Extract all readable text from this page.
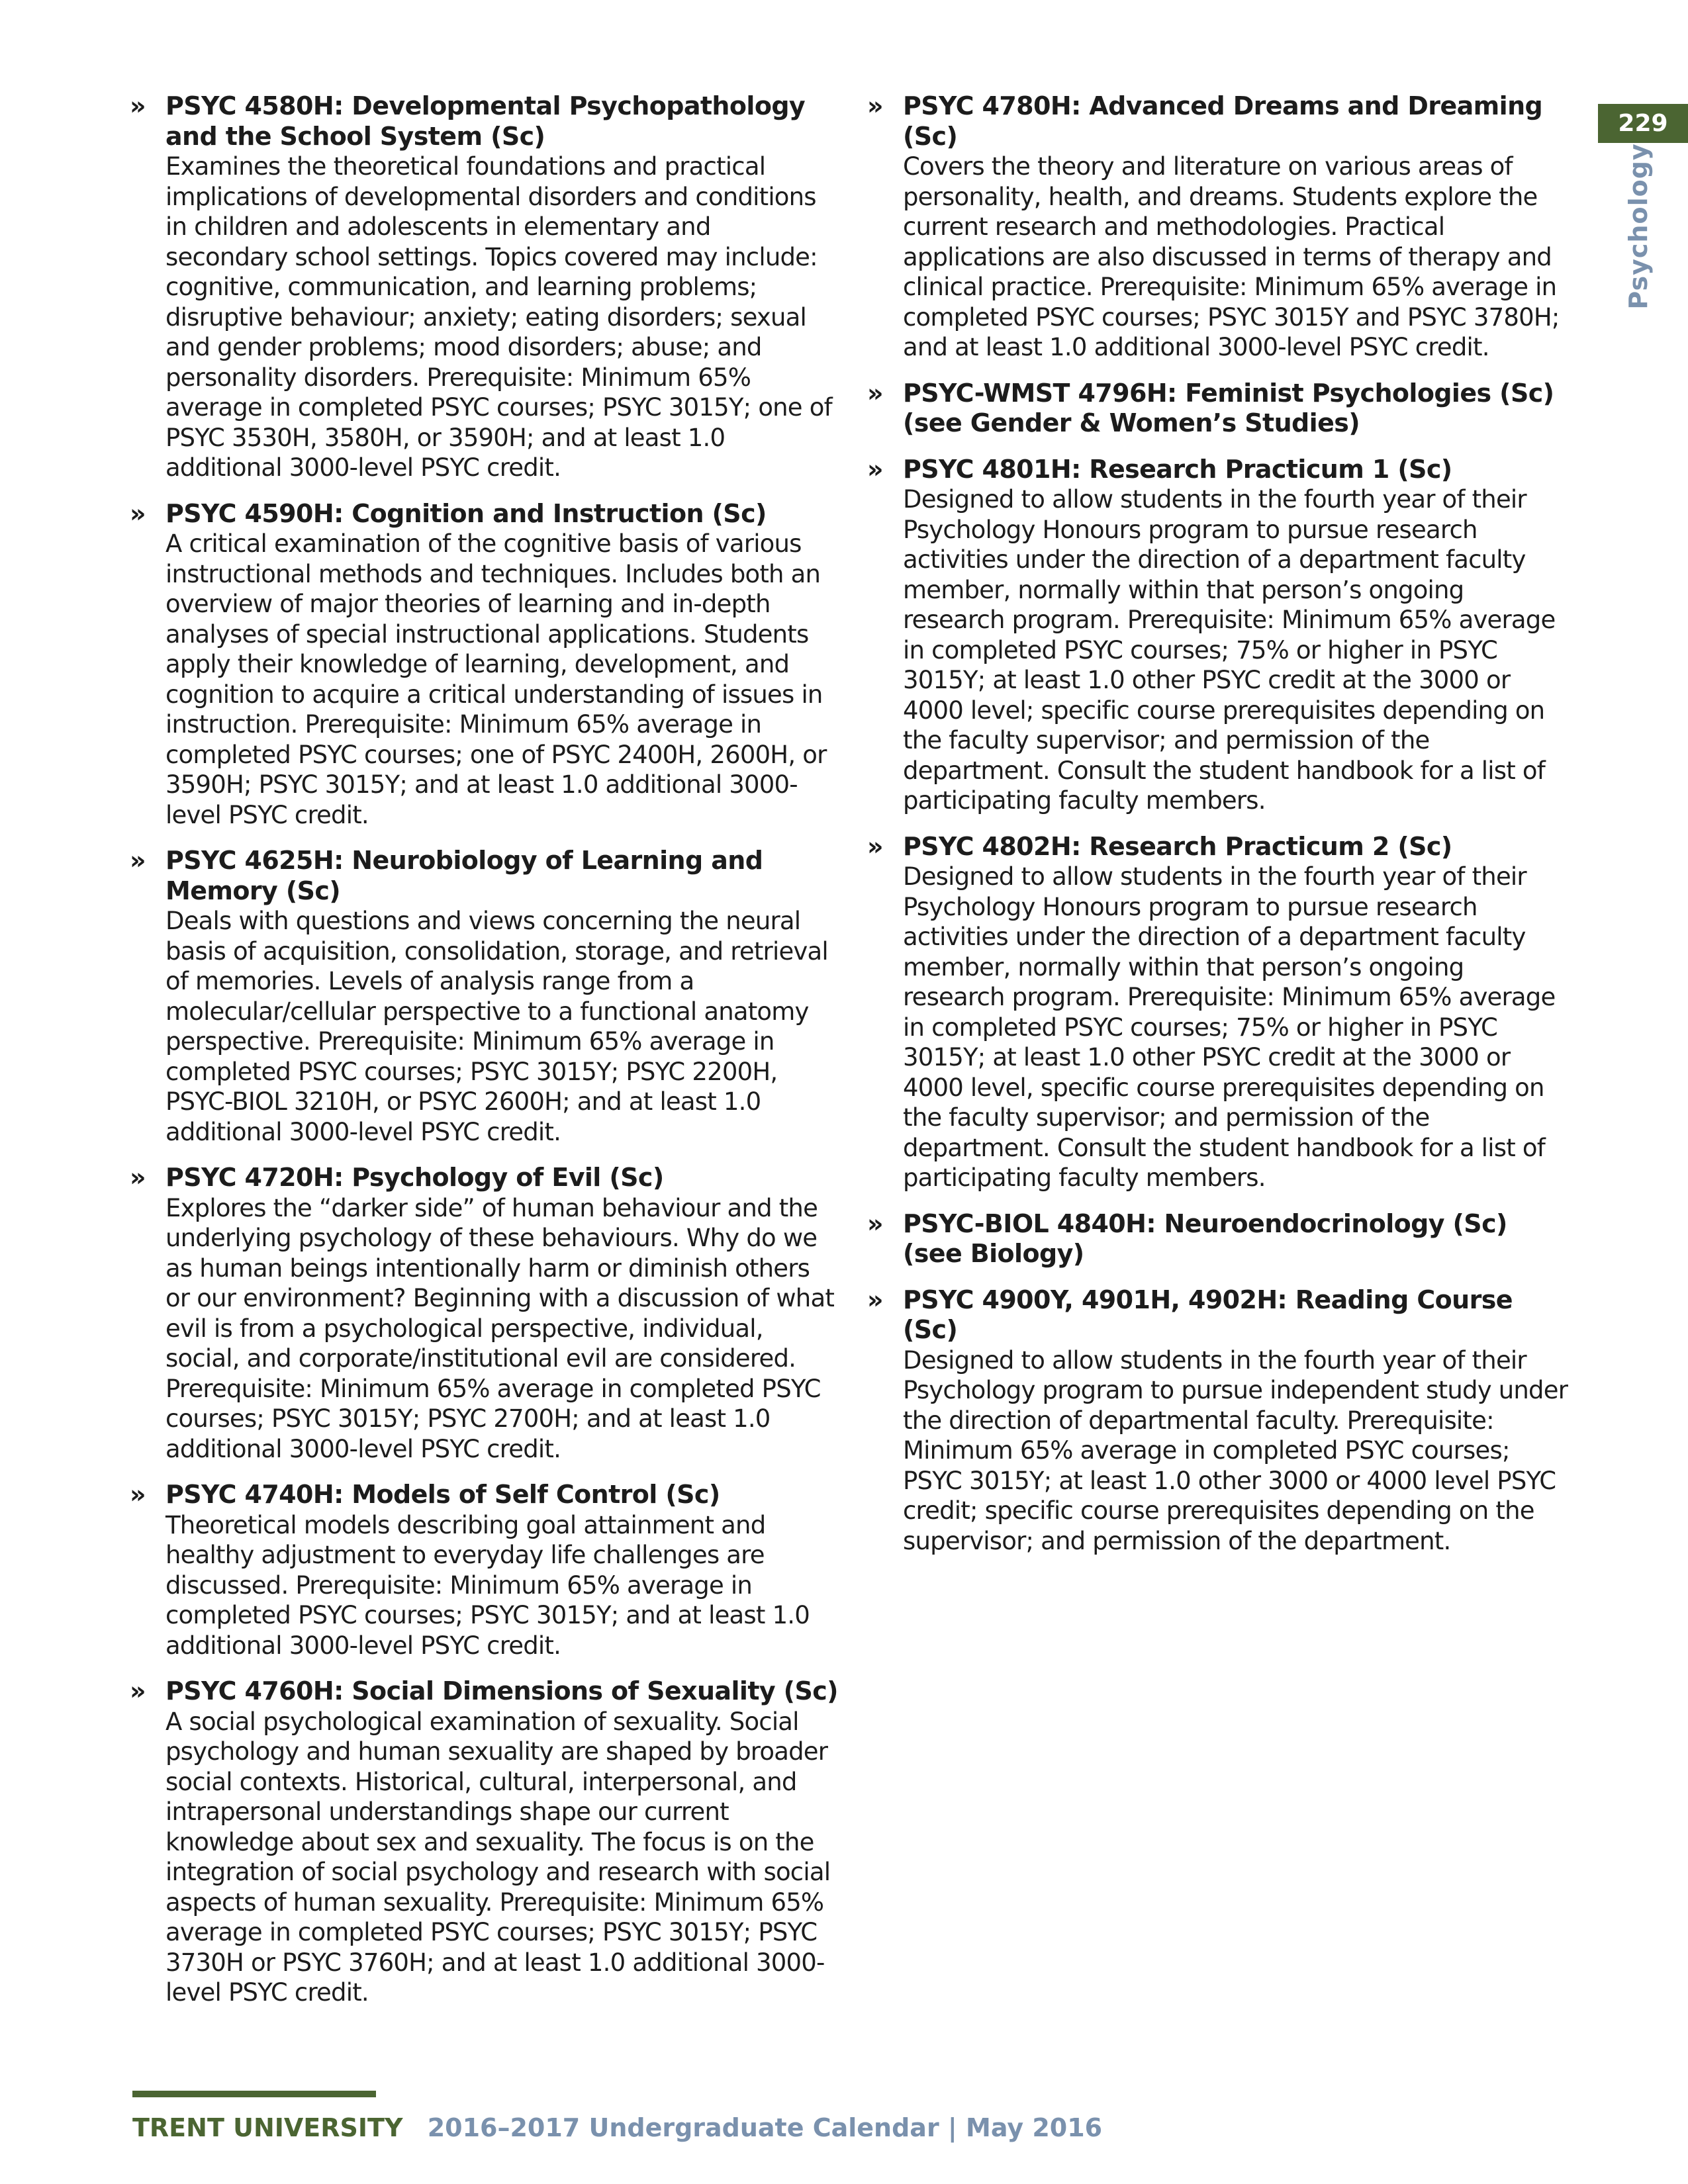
229
Psychology
» PSYC 4580H: Developmental Psychopathology and the School System (Sc)
Examines the theoretical foundations and practical implications of developmental disorders and conditions in children and adolescents in elementary and secondary school settings. Topics covered may include: cognitive, communication, and learning problems; disruptive behaviour; anxiety; eating disorders; sexual and gender problems; mood disorders; abuse; and personality disorders. Prerequisite: Minimum 65% average in completed PSYC courses; PSYC 3015Y; one of PSYC 3530H, 3580H, or 3590H; and at least 1.0 additional 3000-level PSYC credit.
» PSYC 4590H: Cognition and Instruction (Sc)
A critical examination of the cognitive basis of various instructional methods and techniques. Includes both an overview of major theories of learning and in-depth analyses of special instructional applications. Students apply their knowledge of learning, development, and cognition to acquire a critical understanding of issues in instruction. Prerequisite: Minimum 65% average in completed PSYC courses; one of PSYC 2400H, 2600H, or 3590H; PSYC 3015Y; and at least 1.0 additional 3000-level PSYC credit.
» PSYC 4625H: Neurobiology of Learning and Memory (Sc)
Deals with questions and views concerning the neural basis of acquisition, consolidation, storage, and retrieval of memories. Levels of analysis range from a molecular/cellular perspective to a functional anatomy perspective. Prerequisite: Minimum 65% average in completed PSYC courses; PSYC 3015Y; PSYC 2200H, PSYC-BIOL 3210H, or PSYC 2600H; and at least 1.0 additional 3000-level PSYC credit.
» PSYC 4720H: Psychology of Evil (Sc)
Explores the “darker side” of human behaviour and the underlying psychology of these behaviours. Why do we as human beings intentionally harm or diminish others or our environment? Beginning with a discussion of what evil is from a psychological perspective, individual, social, and corporate/institutional evil are considered. Prerequisite: Minimum 65% average in completed PSYC courses; PSYC 3015Y; PSYC 2700H; and at least 1.0 additional 3000-level PSYC credit.
» PSYC 4740H: Models of Self Control (Sc)
Theoretical models describing goal attainment and healthy adjustment to everyday life challenges are discussed. Prerequisite: Minimum 65% average in completed PSYC courses; PSYC 3015Y; and at least 1.0 additional 3000-level PSYC credit.
» PSYC 4760H: Social Dimensions of Sexuality (Sc)
A social psychological examination of sexuality. Social psychology and human sexuality are shaped by broader social contexts. Historical, cultural, interpersonal, and intrapersonal understandings shape our current knowledge about sex and sexuality. The focus is on the integration of social psychology and research with social aspects of human sexuality. Prerequisite: Minimum 65% average in completed PSYC courses; PSYC 3015Y; PSYC 3730H or PSYC 3760H; and at least 1.0 additional 3000-level PSYC credit.
» PSYC 4780H: Advanced Dreams and Dreaming (Sc)
Covers the theory and literature on various areas of personality, health, and dreams. Students explore the current research and methodologies. Practical applications are also discussed in terms of therapy and clinical practice. Prerequisite: Minimum 65% average in completed PSYC courses; PSYC 3015Y and PSYC 3780H; and at least 1.0 additional 3000-level PSYC credit.
» PSYC-WMST 4796H: Feminist Psychologies (Sc) (see Gender & Women’s Studies)
» PSYC 4801H: Research Practicum 1 (Sc)
Designed to allow students in the fourth year of their Psychology Honours program to pursue research activities under the direction of a department faculty member, normally within that person’s ongoing research program. Prerequisite: Minimum 65% average in completed PSYC courses; 75% or higher in PSYC 3015Y; at least 1.0 other PSYC credit at the 3000 or 4000 level; specific course prerequisites depending on the faculty supervisor; and permission of the department. Consult the student handbook for a list of participating faculty members.
» PSYC 4802H: Research Practicum 2 (Sc)
Designed to allow students in the fourth year of their Psychology Honours program to pursue research activities under the direction of a department faculty member, normally within that person’s ongoing research program. Prerequisite: Minimum 65% average in completed PSYC courses; 75% or higher in PSYC 3015Y; at least 1.0 other PSYC credit at the 3000 or 4000 level, specific course prerequisites depending on the faculty supervisor; and permission of the department. Consult the student handbook for a list of participating faculty members.
» PSYC-BIOL 4840H: Neuroendocrinology (Sc) (see Biology)
» PSYC 4900Y, 4901H, 4902H: Reading Course (Sc)
Designed to allow students in the fourth year of their Psychology program to pursue independent study under the direction of departmental faculty. Prerequisite: Minimum 65% average in completed PSYC courses; PSYC 3015Y; at least 1.0 other 3000 or 4000 level PSYC credit; specific course prerequisites depending on the supervisor; and permission of the department.
TRENT UNIVERSITY 2016–2017 Undergraduate Calendar | May 2016
